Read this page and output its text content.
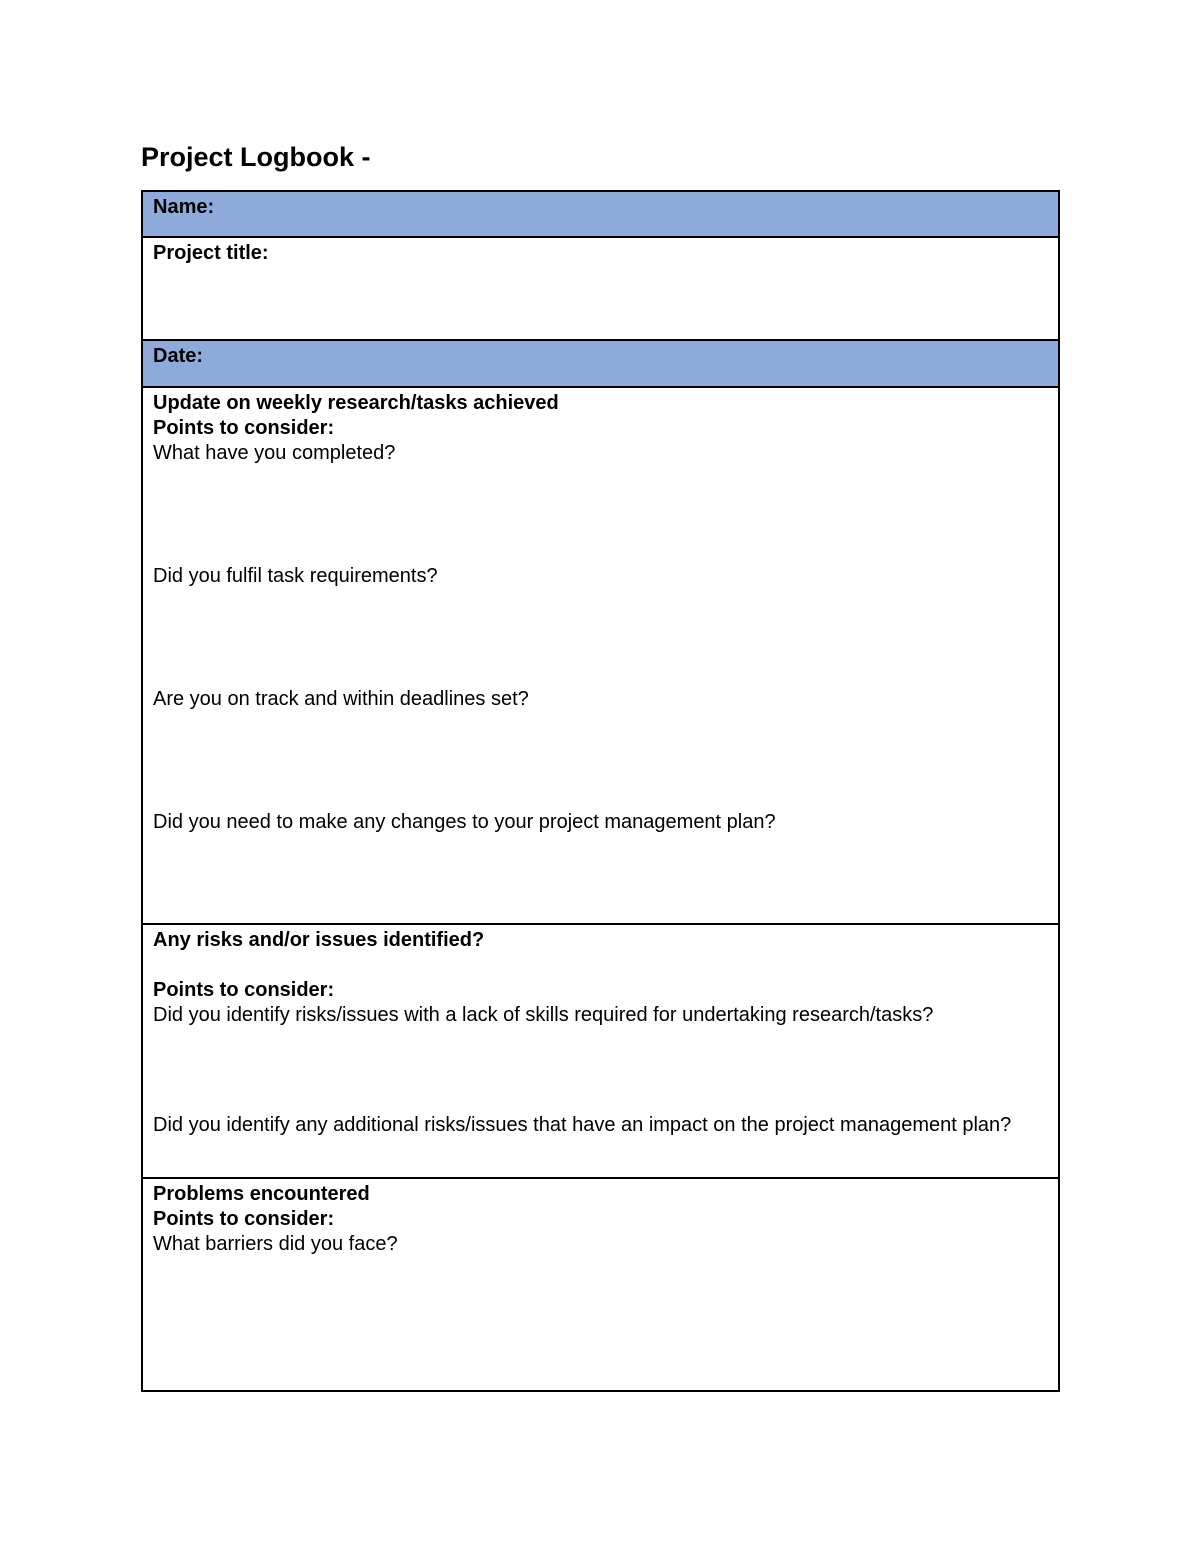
Project Logbook -
Name:
Project title:
Date:
Update on weekly research/tasks achieved
Points to consider:
What have you completed?
Did you fulfil task requirements?
Are you on track and within deadlines set?
Did you need to make any changes to your project management plan?
Any risks and/or issues identified?
Points to consider:
Did you identify risks/issues with a lack of skills required for undertaking research/tasks?
Did you identify any additional risks/issues that have an impact on the project management plan?
Problems encountered
Points to consider:
What barriers did you face?
